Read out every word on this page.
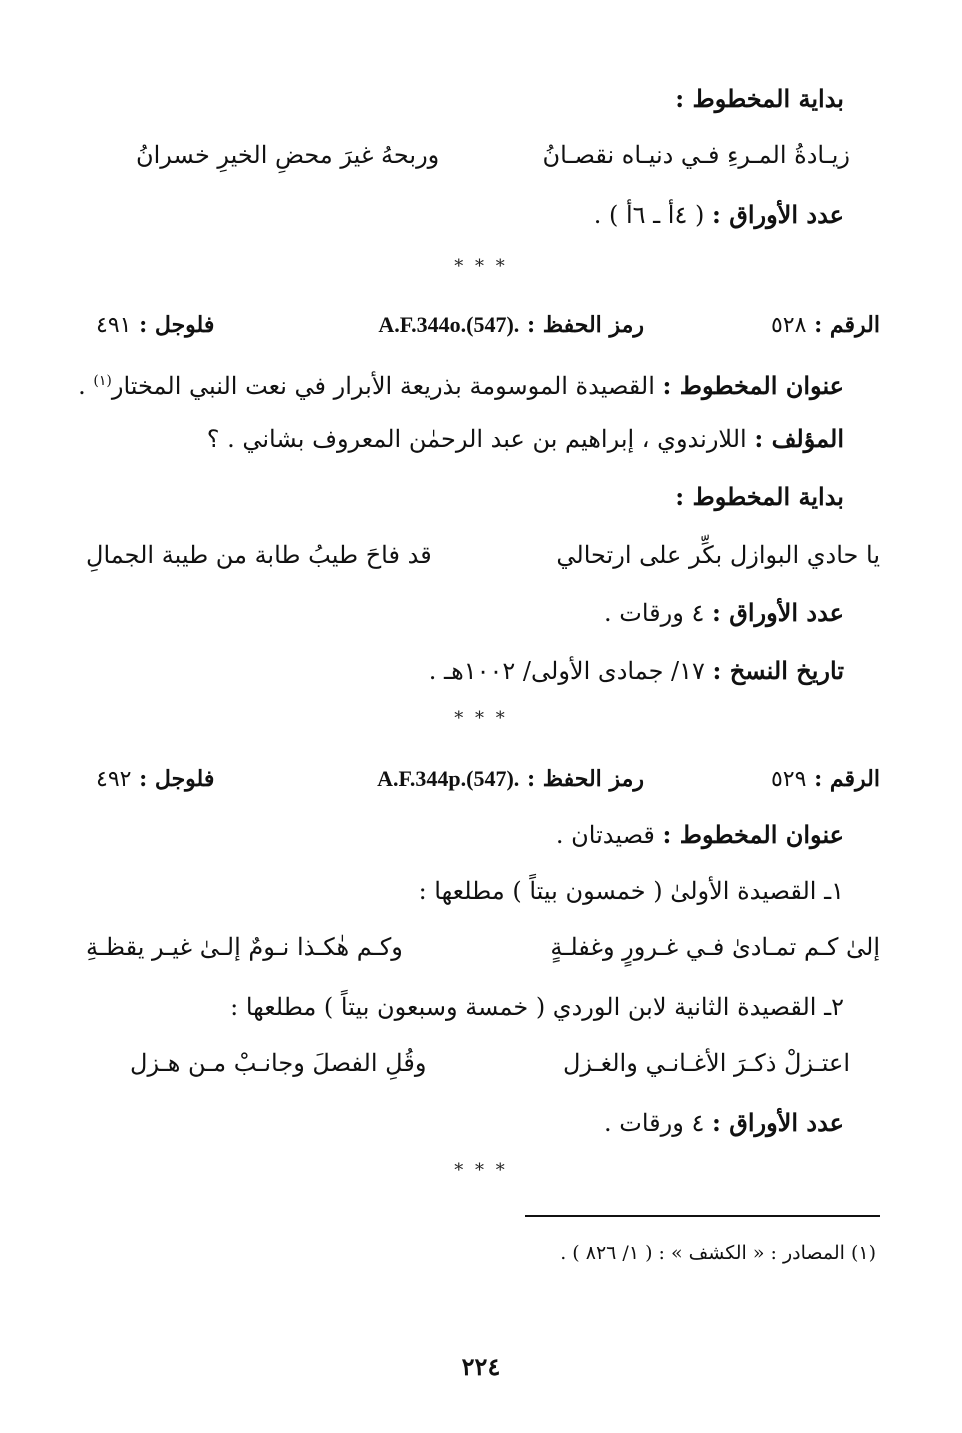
بداية المخطوط :
زيـادةُ المـرءِ فـي دنيـاه نقصـانُ
وربحهُ غيرَ محضِ الخيرِ خسرانُ
عدد الأوراق : ( ٤أ ـ ٦أ ) .
* * *
الرقم : ٥٢٨
رمز الحفظ : A.F.344o.(547).
فلوجل : ٤٩١
عنوان المخطوط : القصيدة الموسومة بذريعة الأبرار في نعت النبي المختار$^{(١)}$ .
المؤلف : اللارندوي ، إبراهيم بن عبد الرحمٰن المعروف بشاني . ؟
بداية المخطوط :
يا حادي البوازل بكِّر على ارتحالي
قد فاحَ طيبُ طابة من طيبة الجمالِ
عدد الأوراق : ٤ ورقات .
تاريخ النسخ : ١٧/ جمادى الأولى/ ١٠٠٢هـ .
* * *
الرقم : ٥٢٩
رمز الحفظ : A.F.344p.(547).
فلوجل : ٤٩٢
عنوان المخطوط : قصيدتان .
١ـ القصيدة الأولىٰ ( خمسون بيتاً ) مطلعها :
إلىٰ كـم تمـادىٰ فـي غـرورٍ وغفلـةٍ
وكـم هٰكـذا نـومٌ إلـىٰ غيـر يقظـةِ
٢ـ القصيدة الثانية لابن الوردي ( خمسة وسبعون بيتاً ) مطلعها :
اعتـزلْ ذكـرَ الأغـانـي والغـزل
وقُلِ الفصلَ وجانـبْ مـن هـزل
عدد الأوراق : ٤ ورقات .
* * *
(١) المصادر : « الكشف » : ( ١/ ٨٢٦ ) .
٢٢٤
